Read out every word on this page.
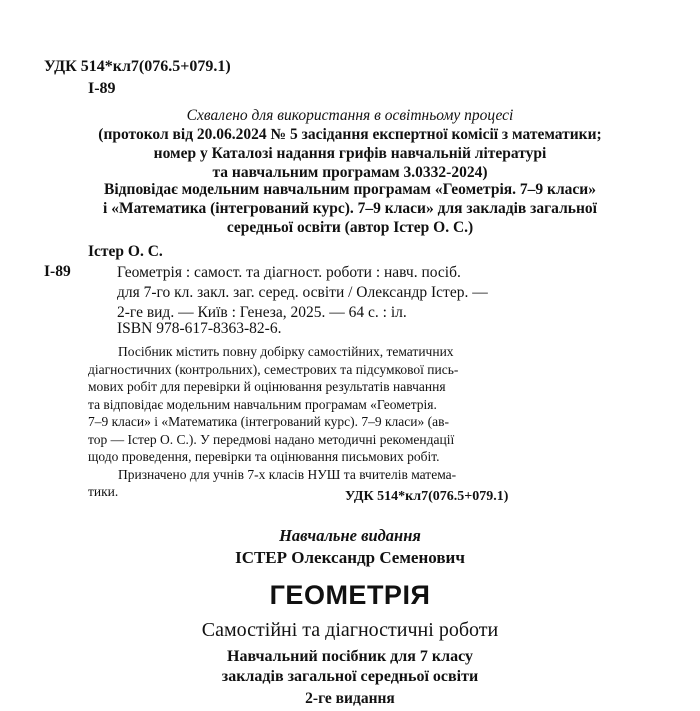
УДК 514*кл7(076.5+079.1)
І-89
Схвалено для використання в освітньому процесі
(протокол від 20.06.2024 № 5 засідання експертної комісії з математики;
номер у Каталозі надання грифів навчальній літературі
та навчальним програмам 3.0332-2024)
Відповідає модельним навчальним програмам «Геометрія. 7–9 класи»
і «Математика (інтегрований курс). 7–9 класи» для закладів загальної
середньої освіти (автор Істер О. С.)
Істер О. С.
І-89	Геометрія : самост. та діагност. роботи : навч. посіб.
для 7-го кл. закл. заг. серед. освіти / Олександр Істер. —
2-ге вид. — Київ : Генеза, 2025. — 64 с. : іл.
ISBN 978-617-8363-82-6.
Посібник містить повну добірку самостійних, тематичних
діагностичних (контрольних), семестрових та підсумкової пись-
мових робіт для перевірки й оцінювання результатів навчання
та відповідає модельним навчальним програмам «Геометрія.
7–9 класи» і «Математика (інтегрований курс). 7–9 класи» (ав-
тор — Істер О. С.). У передмові надано методичні рекомендації
щодо проведення, перевірки та оцінювання письмових робіт.
Призначено для учнів 7-х класів НУШ та вчителів матема-
тики.	УДК 514*кл7(076.5+079.1)
Навчальне видання
ІСТЕР Олександр Семенович
ГЕОМЕТРІЯ
Самостійні та діагностичні роботи
Навчальний посібник для 7 класу
закладів загальної середньої освіти
2-ге видання
